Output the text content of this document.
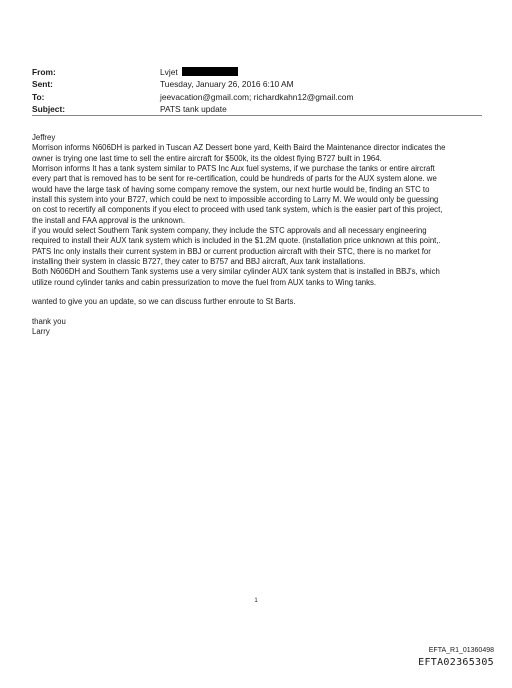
From:	Lvjet
Sent:	Tuesday, January 26, 2016 6:10 AM
To:	jeevacation@gmail.com; richardkahn12@gmail.com
Subject:	PATS tank update
Jeffrey
Morrison informs N606DH is parked in Tuscan AZ Dessert bone yard, Keith Baird the Maintenance director indicates the
owner is trying one last time to sell the entire aircraft for $500k, its the oldest flying B727 built in 1964.
Morrison informs It has a tank system similar to PATS Inc Aux fuel systems, if we purchase the tanks or entire aircraft
every part that is removed has to be sent for re-certification, could be hundreds of parts for the AUX system alone. we
would have the large task of having some company remove the system, our next hurtle would be, finding an STC to
install this system into your B727, which could be next to impossible according to Larry M. We would only be guessing
on cost to recertify all components if you elect to proceed with used tank system, which is the easier part of this project,
the install and FAA approval is the unknown.
if you would select Southern Tank system company, they include the STC approvals and all necessary engineering
required to install their AUX tank system which is included in the $1.2M quote. (installation price unknown at this point,.
PATS Inc only installs their current system in BBJ or current production aircraft with their STC, there is no market for
installing their system in classic B727, they cater to B757 and BBJ aircraft, Aux tank installations.
Both N606DH and Southern Tank systems use a very similar cylinder AUX tank system that is installed in BBJ's, which
utilize round cylinder tanks and cabin pressurization to move the fuel from AUX tanks to Wing tanks.
wanted to give you an update, so we can discuss further enroute to St Barts.
thank you
Larry
1
EFTA_R1_01360498
EFTA02365305
